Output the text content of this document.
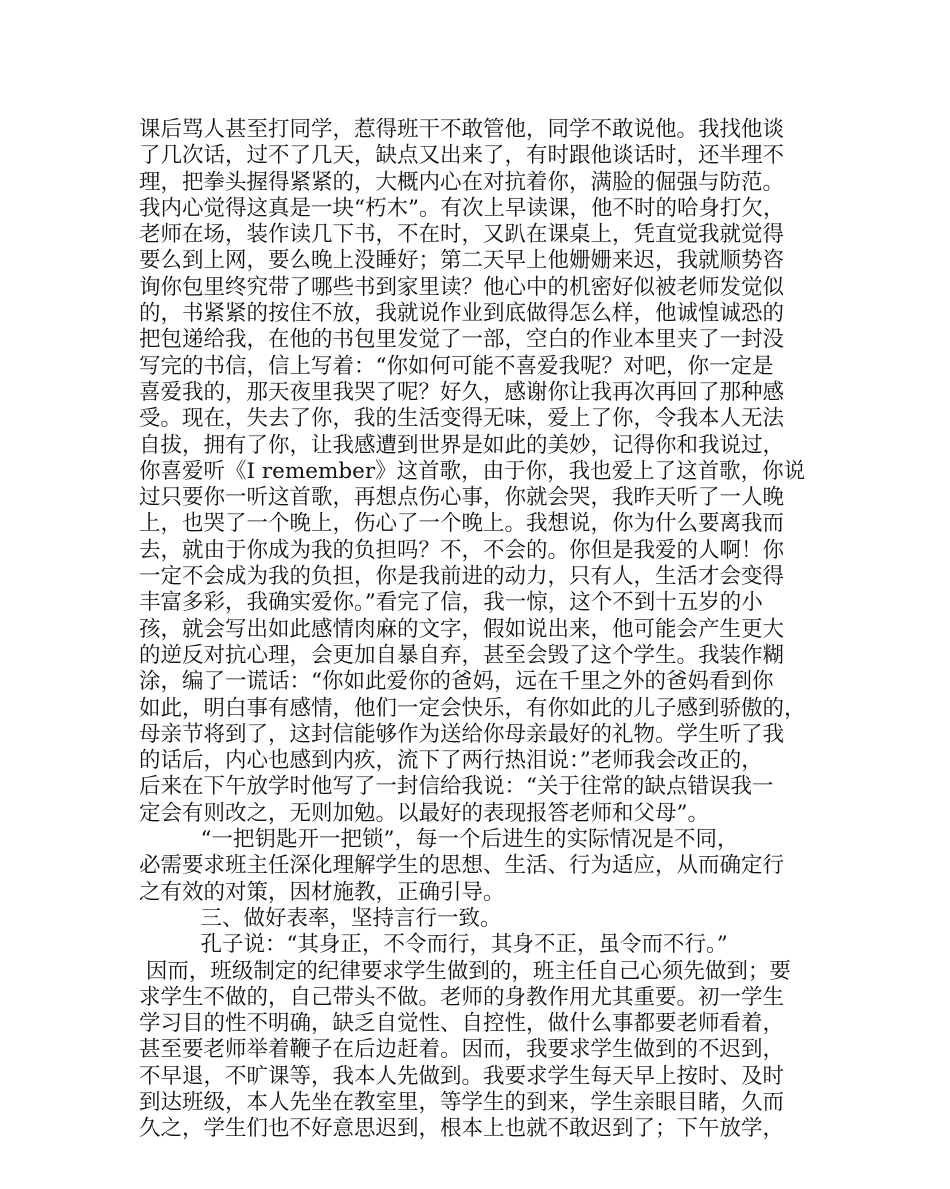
课后骂人甚至打同学，惹得班干不敢管他，同学不敢说他。我找他谈
了几次话，过不了几天，缺点又出来了，有时跟他谈话时，还半理不
理，把拳头握得紧紧的，大概内心在对抗着你，满脸的倔强与防范。
我内心觉得这真是一块“朽木”。有次上早读课，他不时的哈身打欠，
老师在场，装作读几下书，不在时，又趴在课桌上，凭直觉我就觉得
要么到上网，要么晚上没睡好；第二天早上他姗姗来迟，我就顺势咨
询你包里终究带了哪些书到家里读？他心中的机密好似被老师发觉似
的，书紧紧的按住不放，我就说作业到底做得怎么样，他诚惶诚恐的
把包递给我，在他的书包里发觉了一部，空白的作业本里夹了一封没
写完的书信，信上写着：“你如何可能不喜爱我呢？对吧，你一定是
喜爱我的，那天夜里我哭了呢？好久，感谢你让我再次再回了那种感
受。现在，失去了你，我的生活变得无味，爱上了你，令我本人无法
自拔，拥有了你，让我感遭到世界是如此的美妙，记得你和我说过，
你喜爱听《I remember》这首歌，由于你，我也爱上了这首歌，你说
过只要你一听这首歌，再想点伤心事，你就会哭，我昨天听了一人晚
上，也哭了一个晚上，伤心了一个晚上。我想说，你为什么要离我而
去，就由于你成为我的负担吗？不，不会的。你但是我爱的人啊！你
一定不会成为我的负担，你是我前进的动力，只有人，生活才会变得
丰富多彩，我确实爱你。”看完了信，我一惊，这个不到十五岁的小
孩，就会写出如此感情肉麻的文字，假如说出来，他可能会产生更大
的逆反对抗心理，会更加自暴自弃，甚至会毁了这个学生。我装作糊
涂，编了一谎话：“你如此爱你的爸妈，远在千里之外的爸妈看到你
如此，明白事有感情，他们一定会快乐，有你如此的儿子感到骄傲的，
母亲节将到了，这封信能够作为送给你母亲最好的礼物。学生听了我
的话后，内心也感到内疚，流下了两行热泪说：”老师我会改正的，
后来在下午放学时他写了一封信给我说：“关于往常的缺点错误我一
定会有则改之，无则加勉。以最好的表现报答老师和父母”。
“一把钥匙开一把锁”，每一个后进生的实际情况是不同，
必需要求班主任深化理解学生的思想、生活、行为适应，从而确定行
之有效的对策，因材施教，正确引导。
三、做好表率，坚持言行一致。
孔子说：“其身正，不令而行，其身不正，虽令而不行。”
因而，班级制定的纪律要求学生做到的，班主任自己心须先做到；要
求学生不做的，自己带头不做。老师的身教作用尤其重要。初一学生
学习目的性不明确，缺乏自觉性、自控性，做什么事都要老师看着，
甚至要老师举着鞭子在后边赶着。因而，我要求学生做到的不迟到，
不早退，不旷课等，我本人先做到。我要求学生每天早上按时、及时
到达班级，本人先坐在教室里，等学生的到来，学生亲眼目睹，久而
久之，学生们也不好意思迟到，根本上也就不敢迟到了；下午放学，
